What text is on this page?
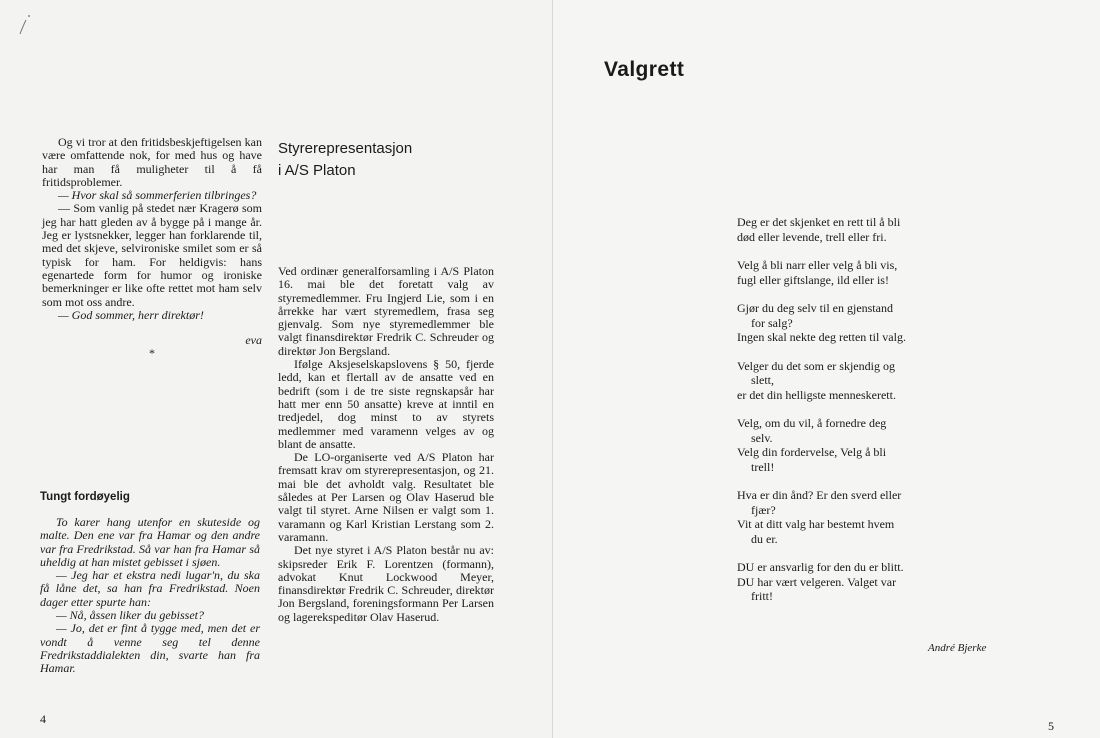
Og vi tror at den fritidsbeskjeftigelsen kan være omfattende nok, for med hus og have har man få muligheter til å få fritidsproblemer.

— Hvor skal så sommerferien tilbringes?

— Som vanlig på stedet nær Kragerø som jeg har hatt gleden av å bygge på i mange år. Jeg er lystsnekker, legger han forklarende til, med det skjeve, selvironiske smilet som er så typisk for ham. For heldigvis: hans egenartede form for humor og ironiske bemerkninger er like ofte rettet mot ham selv som mot oss andre.

— God sommer, herr direktør!

eva

*

Tungt fordøyelig

To karer hang utenfor en skuteside og malte. Den ene var fra Hamar og den andre var fra Fredrikstad. Så var han fra Hamar så uheldig at han mistet gebisset i sjøen.

— Jeg har et ekstra nedi lugar'n, du ska få låne det, sa han fra Fredrikstad. Noen dager etter spurte han:

— Nå, åssen liker du gebisset?

— Jo, det er fint å tygge med, men det er vondt å venne seg tel denne Fredrikstaddialekten din, svarte han fra Hamar.

Styrerepresentasjon
i A/S Platon

Ved ordinær generalforsamling i A/S Platon 16. mai ble det foretatt valg av styremedlemmer. Fru Ingjerd Lie, som i en årrekke har vært styremedlem, frasa seg gjenvalg. Som nye styremedlemmer ble valgt finansdirektør Fredrik C. Schreuder og direktør Jon Bergsland.

Ifølge Aksjeselskapslovens § 50, fjerde ledd, kan et flertall av de ansatte ved en bedrift (som i de tre siste regnskapsår har hatt mer enn 50 ansatte) kreve at inntil en tredjedel, dog minst to av styrets medlemmer med varamenn velges av og blant de ansatte.

De LO-organiserte ved A/S Platon har fremsatt krav om styrerepresentasjon, og 21. mai ble det avholdt valg. Resultatet ble således at Per Larsen og Olav Haserud ble valgt til styret. Arne Nilsen er valgt som 1. varamann og Karl Kristian Lerstang som 2. varamann.

Det nye styret i A/S Platon består nu av: skipsreder Erik F. Lorentzen (formann), advokat Knut Lockwood Meyer, finansdirektør Fredrik C. Schreuder, direktør Jon Bergsland, foreningsformann Per Larsen og lagerekspeditør Olav Haserud.

4
Valgrett
Deg er det skjenket en rett til å bli
død eller levende, trell eller fri.
Velg å bli narr eller velg å bli vis,
fugl eller giftslange, ild eller is!
Gjør du deg selv til en gjenstand
for salg?
Ingen skal nekte deg retten til valg.
Velger du det som er skjendig og
slett,
er det din helligste menneskerett.
Velg, om du vil, å fornedre deg
selv.
Velg din fordervelse, Velg å bli
trell!
Hva er din ånd? Er den sverd eller
fjær?
Vit at ditt valg har bestemt hvem
du er.
DU er ansvarlig for den du er blitt.
DU har vært velgeren. Valget var
fritt!
André Bjerke
5
